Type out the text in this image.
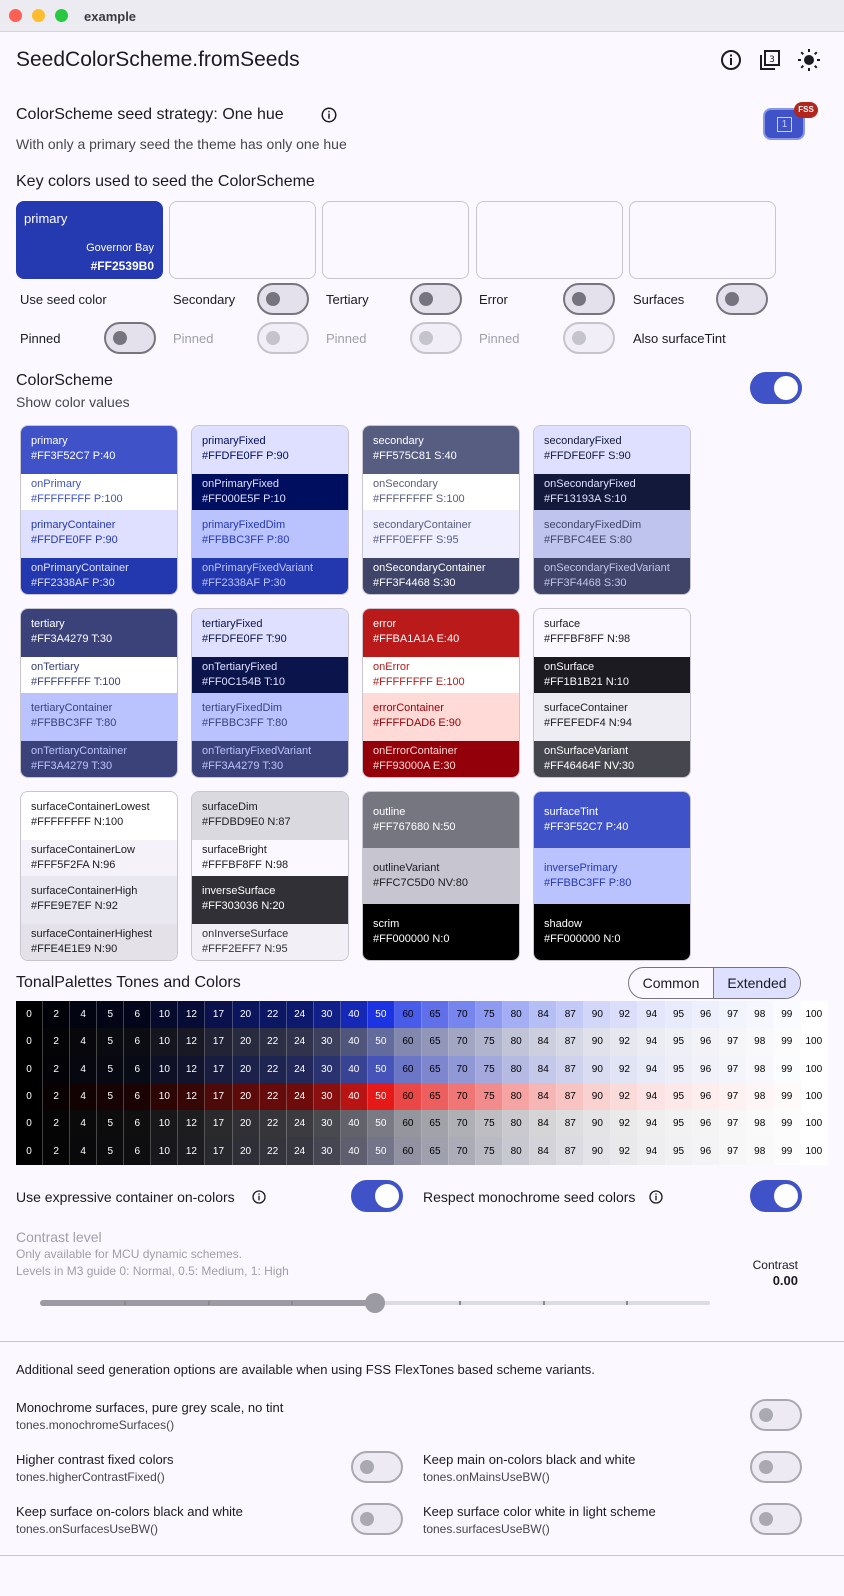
example
SeedColorScheme.fromSeeds	3
ColorScheme seed strategy: One hue
With only a primary seed the theme has only one hue
1
FSS
Key colors used to seed the ColorScheme
primary
Governor Bay
#FF2539B0
Use seed color	Secondary	Tertiary	Error	Surfaces
Pinned	Pinned	Pinned	Pinned	Also surfaceTint
ColorScheme
Show color values
primary
#FF3F52C7 P:40
onPrimary
#FFFFFFFF P:100
primaryContainer
#FFDFE0FF P:90
onPrimaryContainer
#FF2338AF P:30
primaryFixed
#FFDFE0FF P:90
onPrimaryFixed
#FF000E5F P:10
primaryFixedDim
#FFBBC3FF P:80
onPrimaryFixedVariant
#FF2338AF P:30
secondary
#FF575C81 S:40
onSecondary
#FFFFFFFF S:100
secondaryContainer
#FFF0EFFF S:95
onSecondaryContainer
#FF3F4468 S:30
secondaryFixed
#FFDFE0FF S:90
onSecondaryFixed
#FF13193A S:10
secondaryFixedDim
#FFBFC4EE S:80
onSecondaryFixedVariant
#FF3F4468 S:30
tertiary
#FF3A4279 T:30
onTertiary
#FFFFFFFF T:100
tertiaryContainer
#FFBBC3FF T:80
onTertiaryContainer
#FF3A4279 T:30
tertiaryFixed
#FFDFE0FF T:90
onTertiaryFixed
#FF0C154B T:10
tertiaryFixedDim
#FFBBC3FF T:80
onTertiaryFixedVariant
#FF3A4279 T:30
error
#FFBA1A1A E:40
onError
#FFFFFFFF E:100
errorContainer
#FFFFDAD6 E:90
onErrorContainer
#FF93000A E:30
surface
#FFFBF8FF N:98
onSurface
#FF1B1B21 N:10
surfaceContainer
#FFEFEDF4 N:94
onSurfaceVariant
#FF46464F NV:30
surfaceContainerLowest
#FFFFFFFF N:100
surfaceContainerLow
#FFF5F2FA N:96
surfaceContainerHigh
#FFE9E7EF N:92
surfaceContainerHighest
#FFE4E1E9 N:90
surfaceDim
#FFDBD9E0 N:87
surfaceBright
#FFFBF8FF N:98
inverseSurface
#FF303036 N:20
onInverseSurface
#FFF2EFF7 N:95
outline
#FF767680 N:50
outlineVariant
#FFC7C5D0 NV:80
scrim
#FF000000 N:0
surfaceTint
#FF3F52C7 P:40
inversePrimary
#FFBBC3FF P:80
shadow
#FF000000 N:0
TonalPalettes Tones and Colors	Common	Extended
0	2	4	5	6	10	12	17	20	22	24	30	40	50	60	65	70	75	80	84	87	90	92	94	95	96	97	98	99	100
0	2	4	5	6	10	12	17	20	22	24	30	40	50	60	65	70	75	80	84	87	90	92	94	95	96	97	98	99	100
0	2	4	5	6	10	12	17	20	22	24	30	40	50	60	65	70	75	80	84	87	90	92	94	95	96	97	98	99	100
0	2	4	5	6	10	12	17	20	22	24	30	40	50	60	65	70	75	80	84	87	90	92	94	95	96	97	98	99	100
0	2	4	5	6	10	12	17	20	22	24	30	40	50	60	65	70	75	80	84	87	90	92	94	95	96	97	98	99	100
0	2	4	5	6	10	12	17	20	22	24	30	40	50	60	65	70	75	80	84	87	90	92	94	95	96	97	98	99	100
Use expressive container on-colors	Respect monochrome seed colors
Contrast level
Only available for MCU dynamic schemes.
Levels in M3 guide 0: Normal, 0.5: Medium, 1: High	Contrast
0.00
Additional seed generation options are available when using FSS FlexTones based scheme variants.
Monochrome surfaces, pure grey scale, no tint
tones.monochromeSurfaces()
Higher contrast fixed colors
tones.higherContrastFixed()
Keep main on-colors black and white
tones.onMainsUseBW()
Keep surface on-colors black and white
tones.onSurfacesUseBW()
Keep surface color white in light scheme
tones.surfacesUseBW()
